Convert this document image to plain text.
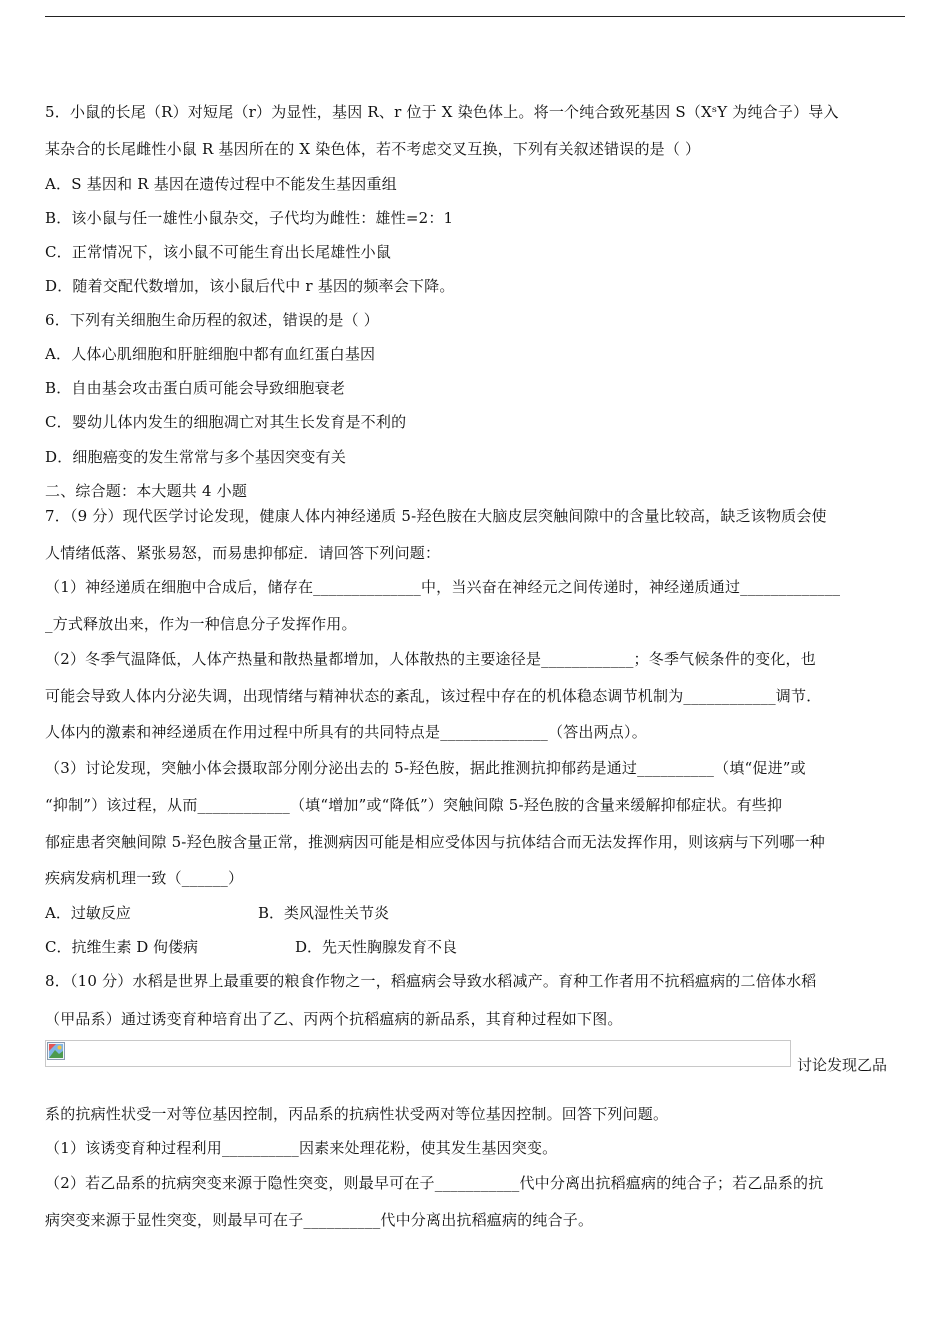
5．小鼠的长尾（R）对短尾（r）为显性，基因 R、r 位于 X 染色体上。将一个纯合致死基因 S（XˢY 为纯合子）导入
某杂合的长尾雌性小鼠 R 基因所在的 X 染色体，若不考虑交叉互换，下列有关叙述错误的是（ ）
A．S 基因和 R 基因在遗传过程中不能发生基因重组
B．该小鼠与任一雄性小鼠杂交，子代均为雌性：雄性=2：1
C．正常情况下，该小鼠不可能生育出长尾雄性小鼠
D．随着交配代数增加，该小鼠后代中 r 基因的频率会下降。
6．下列有关细胞生命历程的叙述，错误的是（ ）
A．人体心肌细胞和肝脏细胞中都有血红蛋白基因
B．自由基会攻击蛋白质可能会导致细胞衰老
C．婴幼儿体内发生的细胞凋亡对其生长发育是不利的
D．细胞癌变的发生常常与多个基因突变有关
二、综合题：本大题共 4 小题
7．（9 分）现代医学讨论发现，健康人体内神经递质 5-羟色胺在大脑皮层突触间隙中的含量比较高，缺乏该物质会使
人情绪低落、紧张易怒，而易患抑郁症．请回答下列问题：
（1）神经递质在细胞中合成后，储存在______________中，当兴奋在神经元之间传递时，神经递质通过_____________
_方式释放出来，作为一种信息分子发挥作用。
（2）冬季气温降低，人体产热量和散热量都增加，人体散热的主要途径是____________；冬季气候条件的变化，也
可能会导致人体内分泌失调，出现情绪与精神状态的紊乱，该过程中存在的机体稳态调节机制为____________调节．
人体内的激素和神经递质在作用过程中所具有的共同特点是______________（答出两点）。
（3）讨论发现，突触小体会摄取部分刚分泌出去的 5-羟色胺，据此推测抗抑郁药是通过__________（填“促进”或
“抑制”）该过程，从而____________（填“增加”或“降低”）突触间隙 5-羟色胺的含量来缓解抑郁症状。有些抑
郁症患者突触间隙 5-羟色胺含量正常，推测病因可能是相应受体因与抗体结合而无法发挥作用，则该病与下列哪一种
疾病发病机理一致（______）
A．过敏反应	B．类风湿性关节炎
C．抗维生素 D 佝偻病	D．先天性胸腺发育不良
8．（10 分）水稻是世界上最重要的粮食作物之一，稻瘟病会导致水稻减产。育种工作者用不抗稻瘟病的二倍体水稻
（甲品系）通过诱变育种培育出了乙、丙两个抗稻瘟病的新品系，其育种过程如下图。
讨论发现乙品
系的抗病性状受一对等位基因控制，丙品系的抗病性状受两对等位基因控制。回答下列问题。
（1）该诱变育种过程利用__________因素来处理花粉，使其发生基因突变。
（2）若乙品系的抗病突变来源于隐性突变，则最早可在子___________代中分离出抗稻瘟病的纯合子；若乙品系的抗
病突变来源于显性突变，则最早可在子__________代中分离出抗稻瘟病的纯合子。
